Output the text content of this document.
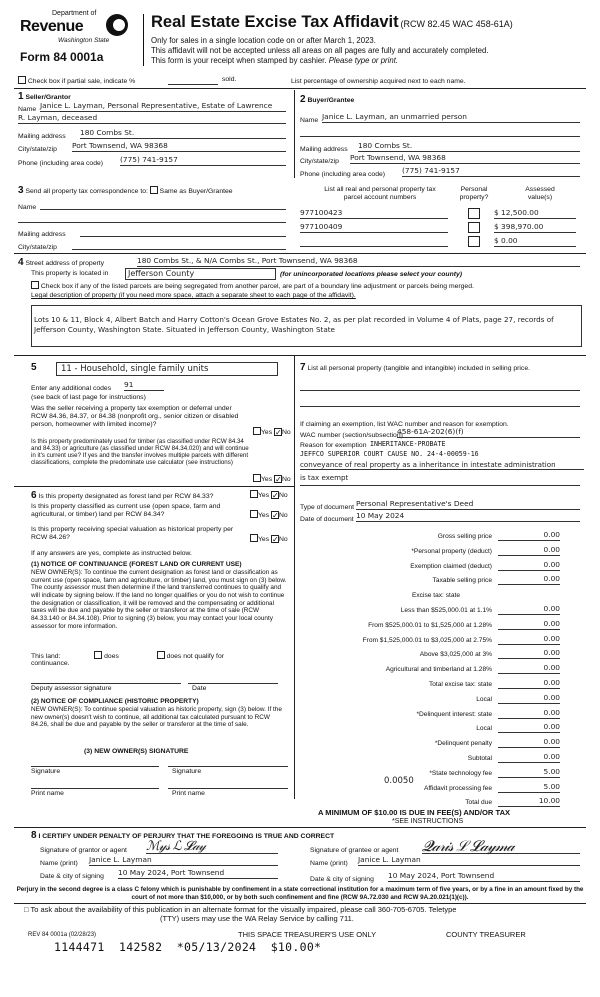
Department of
Revenue
Washington State
Form 84 0001a
Real Estate Excise Tax Affidavit (RCW 82.45 WAC 458-61A)
Only for sales in a single location code on or after March 1, 2023.
This affidavit will not be accepted unless all areas on all pages are fully and accurately completed.
This form is your receipt when stamped by cashier. Please type or print.
Check box if partial sale, indicate %	sold.	List percentage of ownership acquired next to each name.
1 Seller/Grantor
Name Janice L. Layman, Personal Representative, Estate of Lawrence
R. Layman, deceased
Mailing address 180 Combs St.
City/state/zip Port Townsend, WA 98368
Phone (including area code) (775) 741-9157
2 Buyer/Grantee
Name Janice L. Layman, an unmarried person
Mailing address 180 Combs St.
City/state/zip Port Townsend, WA 98368
Phone (including area code) (775) 741-9157
3 Send all property tax correspondence to: Same as Buyer/Grantee
Name
Mailing address
City/state/zip
List all real and personal property tax
parcel account numbers
Personal
property?
Assessed
value(s)
977100423	$ 12,500.00
977100409	$ 398,970.00
$ 0.00
4 Street address of property	180 Combs St., & N/A Combs St., Port Townsend, WA 98368
This property is located in	Jefferson County	(for unincorporated locations please select your county)
Check box if any of the listed parcels are being segregated from another parcel, are part of a boundary line adjustment or parcels being merged.
Legal description of property (if you need more space, attach a separate sheet to each page of the affidavit).
Lots 10 & 11, Block 4, Albert Batch and Harry Cotton's Ocean Grove Estates No. 2, as per plat recorded in Volume 4 of Plats, page 27, records of Jefferson County, Washington State. Situated in Jefferson County, Washington State
5	11 - Household, single family units
Enter any additional codes 91
(see back of last page for instructions)
Was the seller receiving a property tax exemption or deferral under RCW 84.36, 84.37, or 84.38 (nonprofit org., senior citizen or disabled person, homeowner with limited income)?
Yes ✓No
Is this property predominately used for timber (as classified under RCW 84.34 and 84.33) or agriculture (as classified under RCW 84.34.020) and will continue in it's current use? If yes and the transfer involves multiple parcels with different classifications, complete the predominate use calculator (see instructions)
Yes ✓No
6 Is this property designated as forest land per RCW 84.33?	Yes ✓No
Is this property classified as current use (open space, farm and agricultural, or timber) land per RCW 84.34?	Yes ✓No
Is this property receiving special valuation as historical property per RCW 84.26?	Yes ✓No
If any answers are yes, complete as instructed below.
(1) NOTICE OF CONTINUANCE (FOREST LAND OR CURRENT USE)
NEW OWNER(S): To continue the current designation as forest land or classification as current use (open space, farm and agriculture, or timber) land, you must sign on (3) below. The county assessor must then determine if the land transferred continues to qualify and will indicate by signing below. If the land no longer qualifies or you do not wish to continue the designation or classification, it will be removed and the compensating or additional taxes will be due and payable by the seller or transferor at the time of sale (RCW 84.33.140 or 84.34.108). Prior to signing (3) below, you may contact your local county assessor for more information.
This land:	does	does not qualify for
continuance.
Deputy assessor signature	Date
(2) NOTICE OF COMPLIANCE (HISTORIC PROPERTY)
NEW OWNER(S): To continue special valuation as historic property, sign (3) below. If the new owner(s) doesn't wish to continue, all additional tax calculated pursuant to RCW 84.26, shall be due and payable by the seller or transferor at the time of sale.
(3) NEW OWNER(S) SIGNATURE
Signature	Signature
Print name	Print name
7 List all personal property (tangible and intangible) included in selling price.
If claiming an exemption, list WAC number and reason for exemption.
WAC number (section/subsection)
458-61A-202(6)(f)
Reason for exemption INHERITANCE-PROBATE
JEFFCO SUPERIOR COURT CAUSE NO. 24-4-00059-16
conveyance of real property as a inheritance in intestate administration
is tax exempt
Type of document Personal Representative's Deed
Date of document 10 May 2024
Gross selling price	0.00
*Personal property (deduct)	0.00
Exemption claimed (deduct)	0.00
Taxable selling price	0.00
Excise tax: state
Less than $525,000.01 at 1.1%	0.00
From $525,000.01 to $1,525,000 at 1.28%	0.00
From $1,525,000.01 to $3,025,000 at 2.75%	0.00
Above $3,025,000 at 3%	0.00
Agricultural and timberland at 1.28%	0.00
Total excise tax: state	0.00
Local	0.00
*Delinquent interest: state	0.00
Local	0.00
*Delinquent penalty	0.00
Subtotal	0.00
*State technology fee	5.00
Affidavit processing fee	5.00
Total due	10.00
0.0050
A MINIMUM OF $10.00 IS DUE IN FEE(S) AND/OR TAX
*SEE INSTRUCTIONS
8 I CERTIFY UNDER PENALTY OF PERJURY THAT THE FOREGOING IS TRUE AND CORRECT
Signature of grantor or agent ℳ𝓎𝓈 ℒ 𝓛𝒶𝓎
Name (print) Janice L. Layman
Date & city of signing 10 May 2024, Port Townsend
Signature of grantee or agent 𝓠𝒶𝓇𝒾𝓈 ℒ 𝓛𝒶𝓎𝓂𝒶
Name (print) Janice L. Layman
Date & city of signing 10 May 2024, Port Townsend
Perjury in the second degree is a class C felony which is punishable by confinement in a state correctional institution for a maximum term of five years, or by a fine in an amount fixed by the court of not more than $10,000, or by both such confinement and fine (RCW 9A.72.030 and RCW 9A.20.021(1)(c)).
□ To ask about the availability of this publication in an alternate format for the visually impaired, please call 360-705-6705. Teletype
(TTY) users may use the WA Relay Service by calling 711.
REV 84 0001a (02/28/23)	THIS SPACE TREASURER'S USE ONLY	COUNTY TREASURER
1144471  142582  *05/13/2024  $10.00*
